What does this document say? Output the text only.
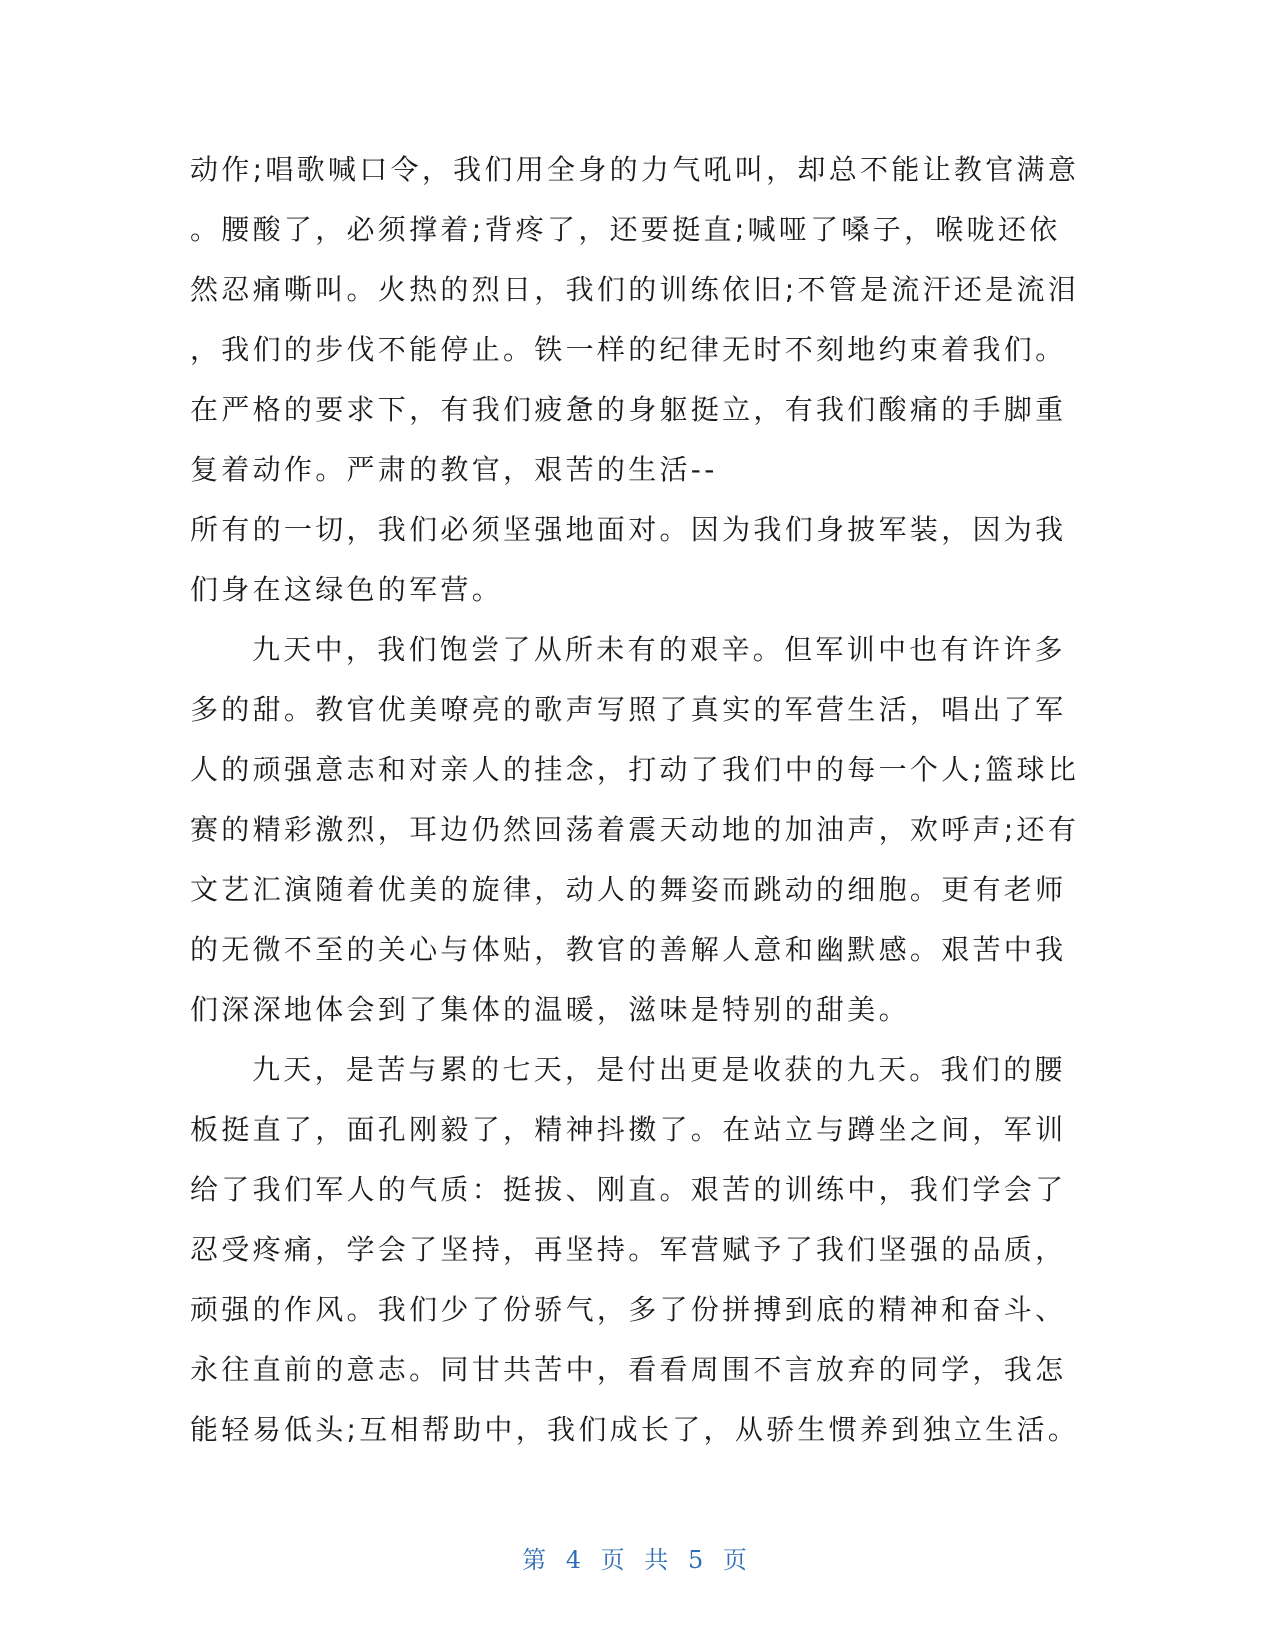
动作;唱歌喊口令，我们用全身的力气吼叫，却总不能让教官满意
。腰酸了，必须撑着;背疼了，还要挺直;喊哑了嗓子，喉咙还依
然忍痛嘶叫。火热的烈日，我们的训练依旧;不管是流汗还是流泪
，我们的步伐不能停止。铁一样的纪律无时不刻地约束着我们。
在严格的要求下，有我们疲惫的身躯挺立，有我们酸痛的手脚重
复着动作。严肃的教官，艰苦的生活--
所有的一切，我们必须坚强地面对。因为我们身披军装，因为我
们身在这绿色的军营。
九天中，我们饱尝了从所未有的艰辛。但军训中也有许许多
多的甜。教官优美嘹亮的歌声写照了真实的军营生活，唱出了军
人的顽强意志和对亲人的挂念，打动了我们中的每一个人;篮球比
赛的精彩激烈，耳边仍然回荡着震天动地的加油声，欢呼声;还有
文艺汇演随着优美的旋律，动人的舞姿而跳动的细胞。更有老师
的无微不至的关心与体贴，教官的善解人意和幽默感。艰苦中我
们深深地体会到了集体的温暖，滋味是特别的甜美。
九天，是苦与累的七天，是付出更是收获的九天。我们的腰
板挺直了，面孔刚毅了，精神抖擞了。在站立与蹲坐之间，军训
给了我们军人的气质：挺拔、刚直。艰苦的训练中，我们学会了
忍受疼痛，学会了坚持，再坚持。军营赋予了我们坚强的品质，
顽强的作风。我们少了份骄气，多了份拼搏到底的精神和奋斗、
永往直前的意志。同甘共苦中，看看周围不言放弃的同学，我怎
能轻易低头;互相帮助中，我们成长了，从骄生惯养到独立生活。
第 4 页 共 5 页
